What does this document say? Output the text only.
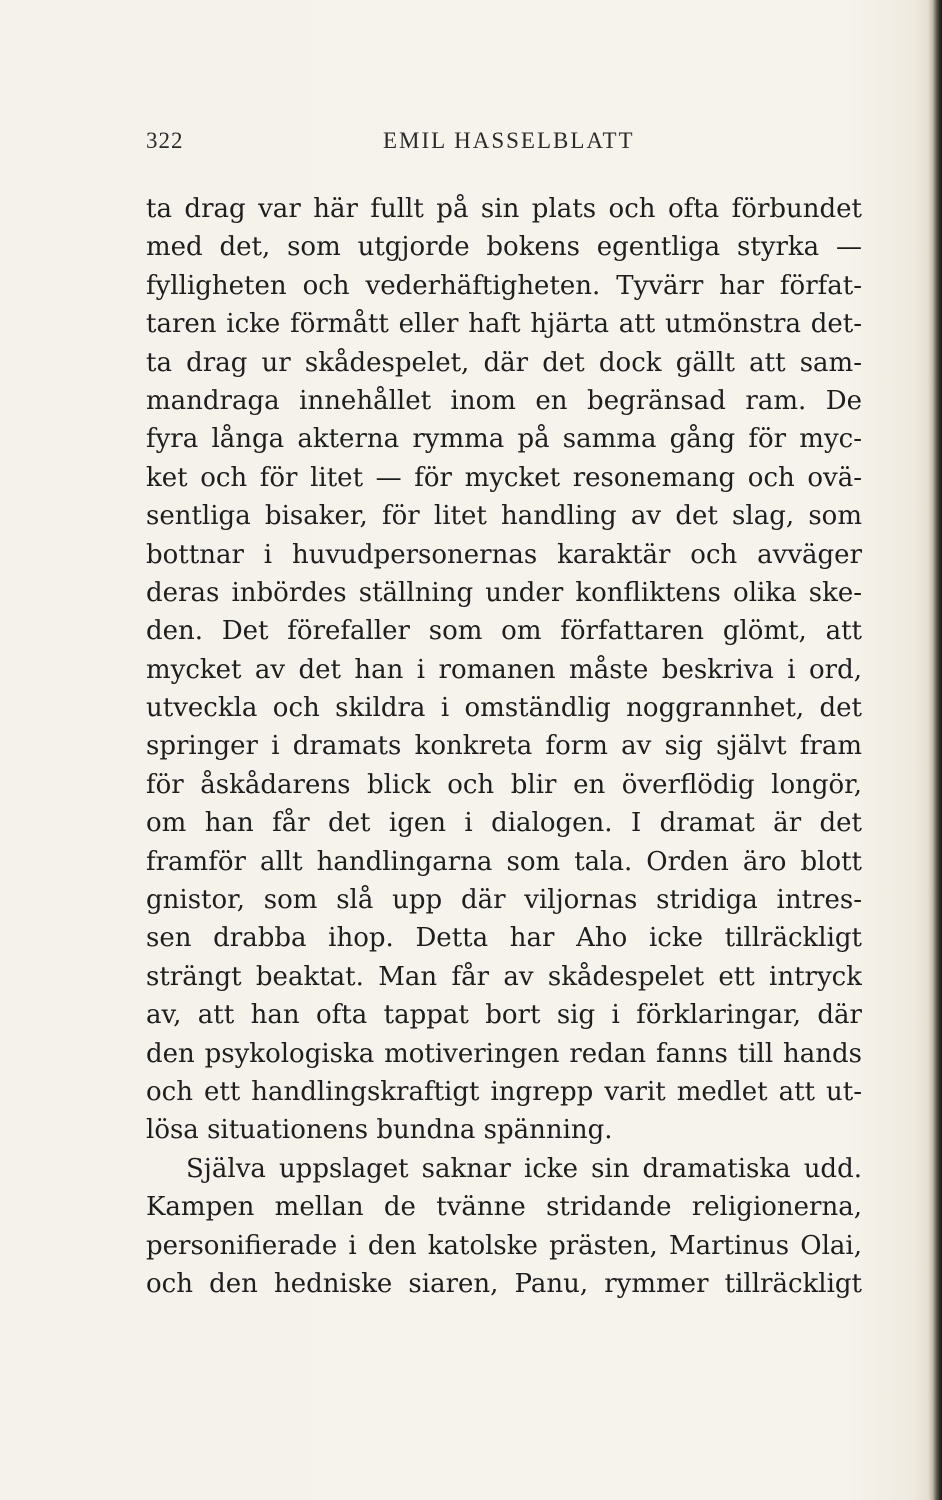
322	EMIL HASSELBLATT
ta drag var här fullt på sin plats och ofta förbundet
med det, som utgjorde bokens egentliga styrka —
fylligheten och vederhäftigheten. Tyvärr har förfat-
taren icke förmått eller haft hjärta att utmönstra det-
ta drag ur skådespelet, där det dock gällt att sam-
mandraga innehållet inom en begränsad ram. De
fyra långa akterna rymma på samma gång för myc-
ket och för litet — för mycket resonemang och ovä-
sentliga bisaker, för litet handling av det slag, som
bottnar i huvudpersonernas karaktär och avväger
deras inbördes ställning under konfliktens olika ske-
den. Det förefaller som om författaren glömt, att
mycket av det han i romanen måste beskriva i ord,
utveckla och skildra i omständlig noggrannhet, det
springer i dramats konkreta form av sig självt fram
för åskådarens blick och blir en överflödig longör,
om han får det igen i dialogen. I dramat är det
framför allt handlingarna som tala. Orden äro blott
gnistor, som slå upp där viljornas stridiga intres-
sen drabba ihop. Detta har Aho icke tillräckligt
strängt beaktat. Man får av skådespelet ett intryck
av, att han ofta tappat bort sig i förklaringar, där
den psykologiska motiveringen redan fanns till hands
och ett handlingskraftigt ingrepp varit medlet att ut-
lösa situationens bundna spänning.
Själva uppslaget saknar icke sin dramatiska udd.
Kampen mellan de tvänne stridande religionerna,
personifierade i den katolske prästen, Martinus Olai,
och den hedniske siaren, Panu, rymmer tillräckligt
